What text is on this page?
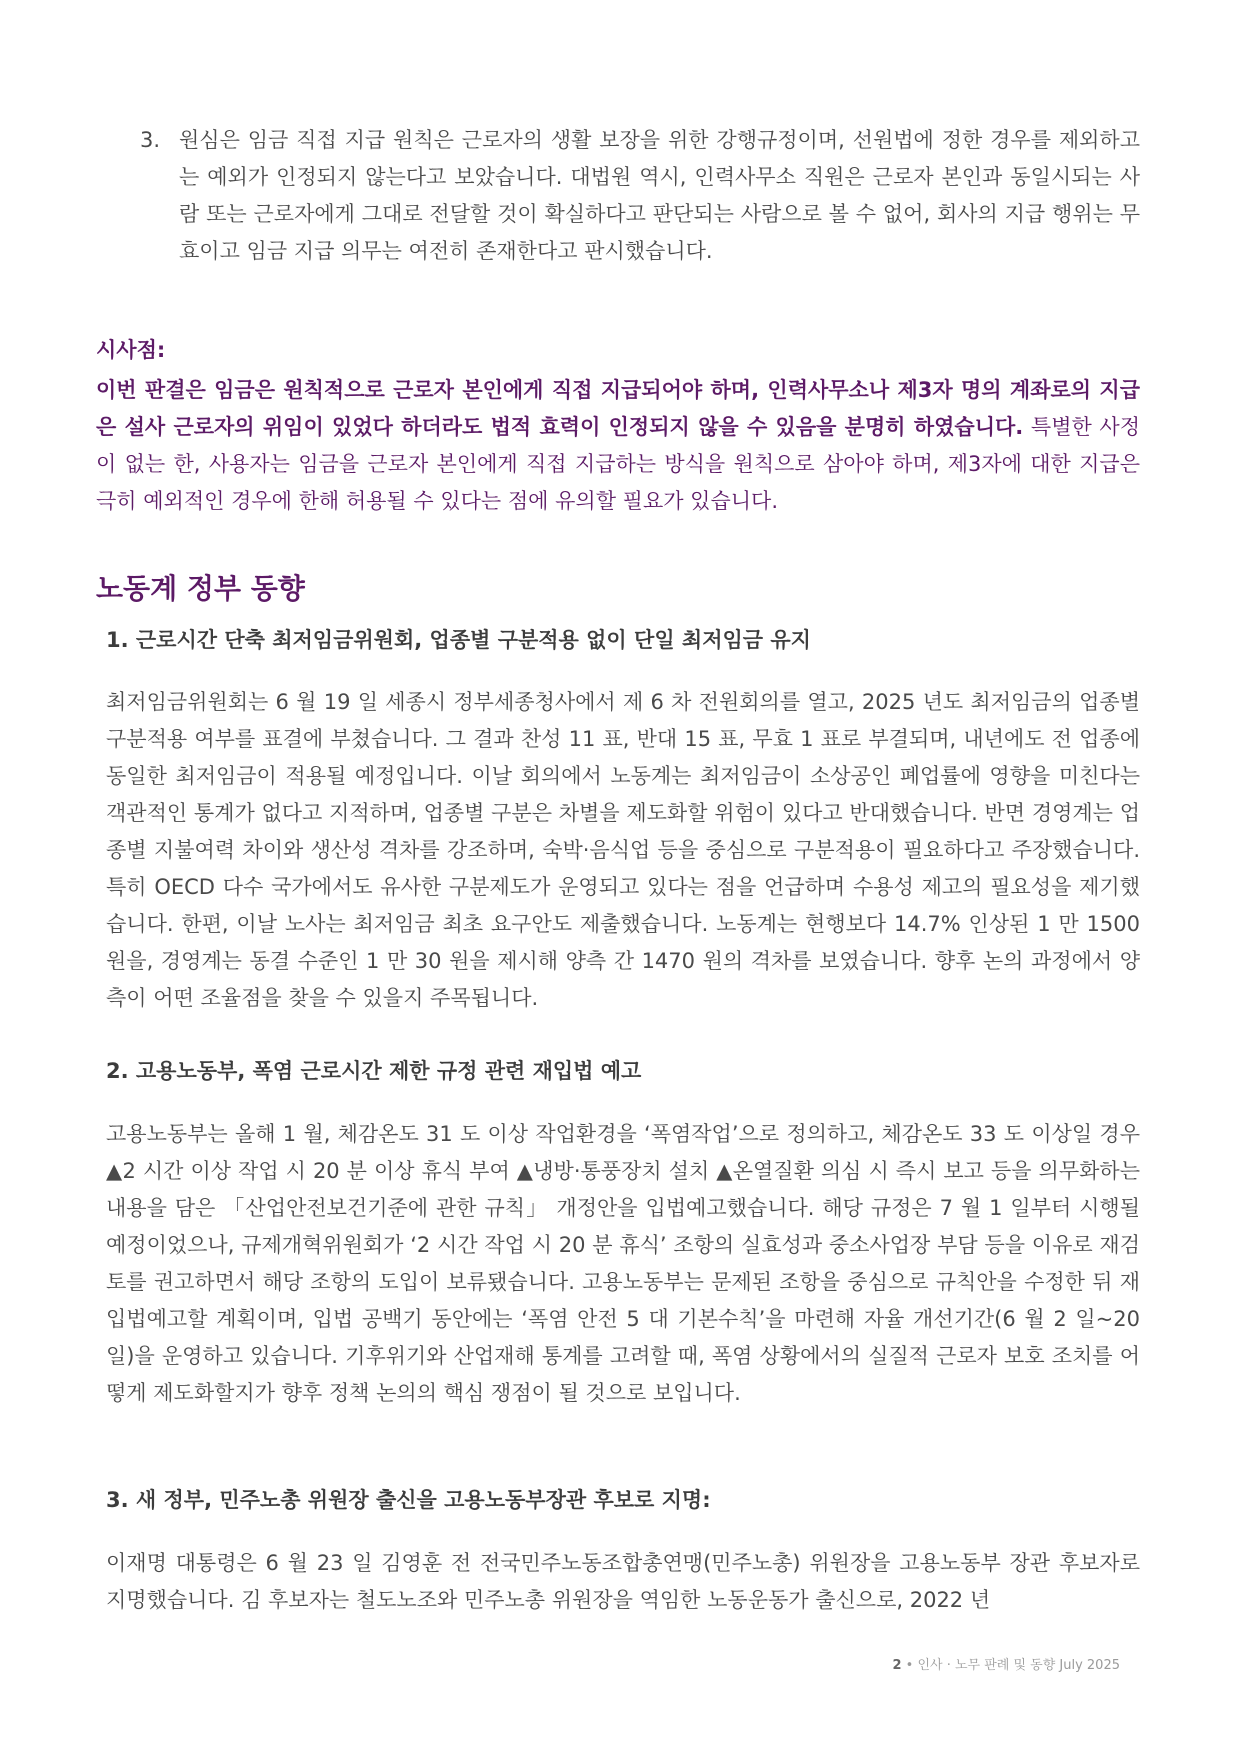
3. 원심은 임금 직접 지급 원칙은 근로자의 생활 보장을 위한 강행규정이며, 선원법에 정한 경우를 제외하고는 예외가 인정되지 않는다고 보았습니다. 대법원 역시, 인력사무소 직원은 근로자 본인과 동일시되는 사람 또는 근로자에게 그대로 전달할 것이 확실하다고 판단되는 사람으로 볼 수 없어, 회사의 지급 행위는 무효이고 임금 지급 의무는 여전히 존재한다고 판시했습니다.
시사점:
이번 판결은 임금은 원칙적으로 근로자 본인에게 직접 지급되어야 하며, 인력사무소나 제3자 명의 계좌로의 지급은 설사 근로자의 위임이 있었다 하더라도 법적 효력이 인정되지 않을 수 있음을 분명히 하였습니다. 특별한 사정이 없는 한, 사용자는 임금을 근로자 본인에게 직접 지급하는 방식을 원칙으로 삼아야 하며, 제3자에 대한 지급은 극히 예외적인 경우에 한해 허용될 수 있다는 점에 유의할 필요가 있습니다.
노동계 정부 동향
1. 근로시간 단축 최저임금위원회, 업종별 구분적용 없이 단일 최저임금 유지
최저임금위원회는 6 월 19 일 세종시 정부세종청사에서 제 6 차 전원회의를 열고, 2025 년도 최저임금의 업종별 구분적용 여부를 표결에 부쳤습니다. 그 결과 찬성 11 표, 반대 15 표, 무효 1 표로 부결되며, 내년에도 전 업종에 동일한 최저임금이 적용될 예정입니다. 이날 회의에서 노동계는 최저임금이 소상공인 폐업률에 영향을 미친다는 객관적인 통계가 없다고 지적하며, 업종별 구분은 차별을 제도화할 위험이 있다고 반대했습니다. 반면 경영계는 업종별 지불여력 차이와 생산성 격차를 강조하며, 숙박·음식업 등을 중심으로 구분적용이 필요하다고 주장했습니다. 특히 OECD 다수 국가에서도 유사한 구분제도가 운영되고 있다는 점을 언급하며 수용성 제고의 필요성을 제기했습니다. 한편, 이날 노사는 최저임금 최초 요구안도 제출했습니다. 노동계는 현행보다 14.7% 인상된 1 만 1500 원을, 경영계는 동결 수준인 1 만 30 원을 제시해 양측 간 1470 원의 격차를 보였습니다. 향후 논의 과정에서 양측이 어떤 조율점을 찾을 수 있을지 주목됩니다.
2. 고용노동부, 폭염 근로시간 제한 규정 관련 재입법 예고
고용노동부는 올해 1 월, 체감온도 31 도 이상 작업환경을 ‘폭염작업’으로 정의하고, 체감온도 33 도 이상일 경우 ▲2 시간 이상 작업 시 20 분 이상 휴식 부여 ▲냉방·통풍장치 설치 ▲온열질환 의심 시 즉시 보고 등을 의무화하는 내용을 담은 「산업안전보건기준에 관한 규칙」 개정안을 입법예고했습니다. 해당 규정은 7 월 1 일부터 시행될 예정이었으나, 규제개혁위원회가 ‘2 시간 작업 시 20 분 휴식’ 조항의 실효성과 중소사업장 부담 등을 이유로 재검토를 권고하면서 해당 조항의 도입이 보류됐습니다. 고용노동부는 문제된 조항을 중심으로 규칙안을 수정한 뒤 재입법예고할 계획이며, 입법 공백기 동안에는 ‘폭염 안전 5 대 기본수칙’을 마련해 자율 개선기간(6 월 2 일~20 일)을 운영하고 있습니다. 기후위기와 산업재해 통계를 고려할 때, 폭염 상황에서의 실질적 근로자 보호 조치를 어떻게 제도화할지가 향후 정책 논의의 핵심 쟁점이 될 것으로 보입니다.
3. 새 정부, 민주노총 위원장 출신을 고용노동부장관 후보로 지명:
이재명 대통령은 6 월 23 일 김영훈 전 전국민주노동조합총연맹(민주노총) 위원장을 고용노동부 장관 후보자로 지명했습니다. 김 후보자는 철도노조와 민주노총 위원장을 역임한 노동운동가 출신으로, 2022 년
2 • 인사 · 노무 판례 및 동향 July 2025
